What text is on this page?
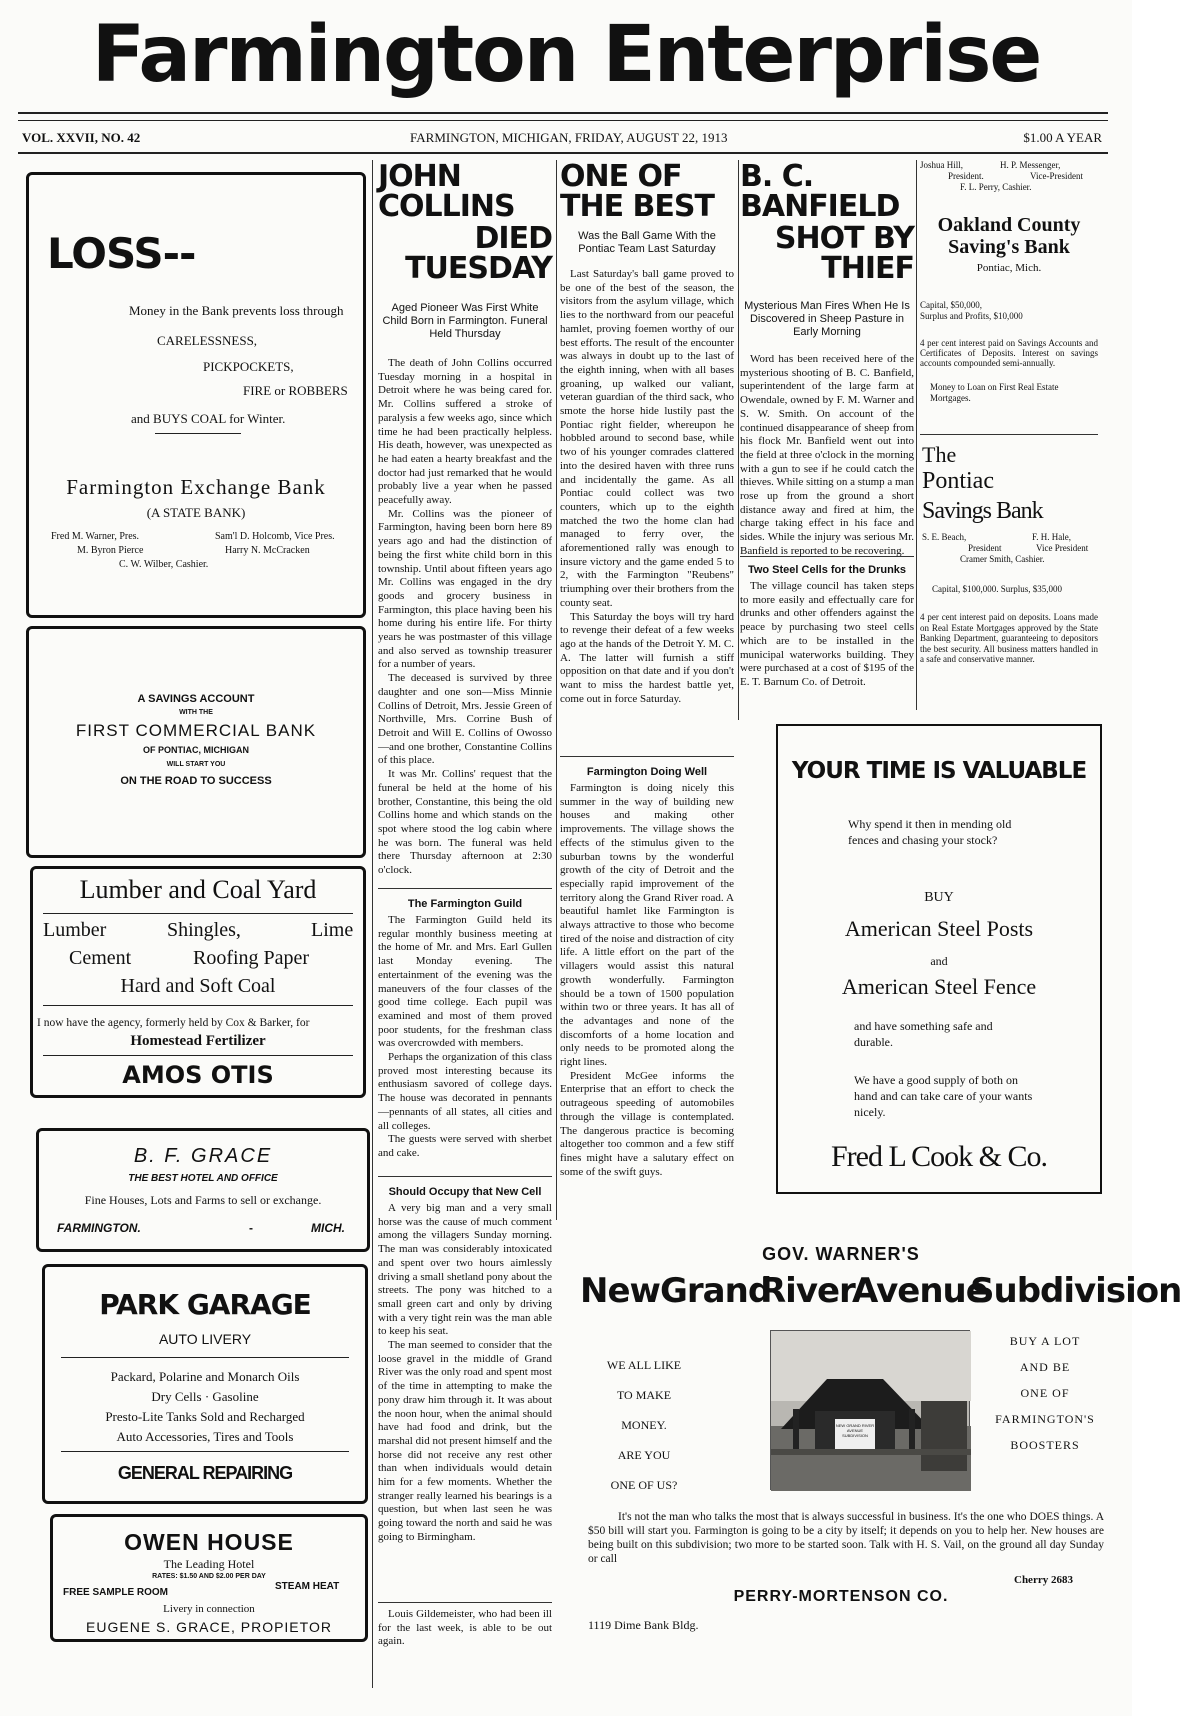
Farmington Enterprise
VOL. XXVII, NO. 42	FARMINGTON, MICHIGAN, FRIDAY, AUGUST 22, 1913	$1.00 A YEAR
LOSS--
Money in the Bank prevents loss through
CARELESSNESS,
PICKPOCKETS,
FIRE or ROBBERS
and BUYS COAL for Winter.
Farmington Exchange Bank
(A STATE BANK)
Fred M. Warner, Pres.	Sam'l D. Holcomb, Vice Pres.
M. Byron Pierce	Harry N. McCracken
C. W. Wilber, Cashier.
A SAVINGS ACCOUNT
WITH THE
FIRST COMMERCIAL BANK
OF PONTIAC, MICHIGAN
WILL START YOU
ON THE ROAD TO SUCCESS
Lumber and Coal Yard
Lumber	Shingles,	Lime
Cement	Roofing Paper
Hard and Soft Coal
I now have the agency, formerly held by Cox & Barker, for
Homestead Fertilizer
AMOS OTIS
B. F. GRACE
THE BEST HOTEL AND OFFICE
Fine Houses, Lots and Farms to sell or exchange.
FARMINGTON.	-	MICH.
PARK GARAGE
AUTO LIVERY
Packard, Polarine and Monarch Oils
Dry Cells · Gasoline
Presto-Lite Tanks Sold and Recharged
Auto Accessories, Tires and Tools
GENERAL REPAIRING
OWEN HOUSE
The Leading Hotel
RATES: $1.50 AND $2.00 PER DAY
FREE SAMPLE ROOM
STEAM HEAT
Livery in connection
EUGENE S. GRACE, PROPIETOR
JOHN COLLINS
DIED TUESDAY
Aged Pioneer Was First White Child Born in Farmington. Funeral Held Thursday

The death of John Collins occurred Tuesday morning in a hospital in Detroit where he was being cared for. Mr. Collins suffered a stroke of paralysis a few weeks ago, since which time he had been practically helpless. His death, however, was unexpected as he had eaten a hearty breakfast and the doctor had just remarked that he would probably live a year when he passed peacefully away.

Mr. Collins was the pioneer of Farmington, having been born here 89 years ago and had the distinction of being the first white child born in this township. Until about fifteen years ago Mr. Collins was engaged in the dry goods and grocery business in Farmington, this place having been his home during his entire life. For thirty years he was postmaster of this village and also served as township treasurer for a number of years.

The deceased is survived by three daughter and one son—Miss Minnie Collins of Detroit, Mrs. Jessie Green of Northville, Mrs. Corrine Bush of Detroit and Will E. Collins of Owosso—and one brother, Constantine Collins of this place.

It was Mr. Collins' request that the funeral be held at the home of his brother, Constantine, this being the old Collins home and which stands on the spot where stood the log cabin where he was born. The funeral was held there Thursday afternoon at 2:30 o'clock.

The Farmington Guild

The Farmington Guild held its regular monthly business meeting at the home of Mr. and Mrs. Earl Gullen last Monday evening. The entertainment of the evening was the maneuvers of the four classes of the good time college. Each pupil was examined and most of them proved poor students, for the freshman class was overcrowded with members.

Perhaps the organization of this class proved most interesting because its enthusiasm savored of college days. The house was decorated in pennants—pennants of all states, all cities and all colleges.

The guests were served with sherbet and cake.

Should Occupy that New Cell

A very big man and a very small horse was the cause of much comment among the villagers Sunday morning. The man was considerably intoxicated and spent over two hours aimlessly driving a small shetland pony about the streets. The pony was hitched to a small green cart and only by driving with a very tight rein was the man able to keep his seat.

The man seemed to consider that the loose gravel in the middle of Grand River was the only road and spent most of the time in attempting to make the pony draw him through it. It was about the noon hour, when the animal should have had food and drink, but the marshal did not present himself and the horse did not receive any rest other than when individuals would detain him for a few moments. Whether the stranger really learned his bearings is a question, but when last seen he was going toward the north and said he was going to Birmingham.

Louis Gildemeister, who had been ill for the last week, is able to be out again.

ONE OF THE BEST
Was the Ball Game With the Pontiac Team Last Saturday

Last Saturday's ball game proved to be one of the best of the season, the visitors from the asylum village, which lies to the northward from our peaceful hamlet, proving foemen worthy of our best efforts. The result of the encounter was always in doubt up to the last of the eighth inning, when with all bases groaning, up walked our valiant, veteran guardian of the third sack, who smote the horse hide lustily past the Pontiac right fielder, whereupon he hobbled around to second base, while two of his younger comrades clattered into the desired haven with three runs and incidentally the game. As all Pontiac could collect was two counters, which up to the eighth matched the two the home clan had managed to ferry over, the aforementioned rally was enough to insure victory and the game ended 5 to 2, with the Farmington "Reubens" triumphing over their brothers from the county seat.

This Saturday the boys will try hard to revenge their defeat of a few weeks ago at the hands of the Detroit Y. M. C. A. The latter will furnish a stiff opposition on that date and if you don't want to miss the hardest battle yet, come out in force Saturday.

Farmington Doing Well

Farmington is doing nicely this summer in the way of building new houses and making other improvements. The village shows the effects of the stimulus given to the suburban towns by the wonderful growth of the city of Detroit and the especially rapid improvement of the territory along the Grand River road. A beautiful hamlet like Farmington is always attractive to those who become tired of the noise and distraction of city life. A little effort on the part of the villagers would assist this natural growth wonderfully. Farmington should be a town of 1500 population within two or three years. It has all of the advantages and none of the discomforts of a home location and only needs to be promoted along the right lines.

President McGee informs the Enterprise that an effort to check the outrageous speeding of automobiles through the village is contemplated. The dangerous practice is becoming altogether too common and a few stiff fines might have a salutary effect on some of the swift guys.

B. C. BANFIELD
SHOT BY THIEF
Mysterious Man Fires When He Is Discovered in Sheep Pasture in Early Morning

Word has been received here of the mysterious shooting of B. C. Banfield, superintendent of the large farm at Owendale, owned by F. M. Warner and S. W. Smith. On account of the continued disappearance of sheep from his flock Mr. Banfield went out into the field at three o'clock in the morning with a gun to see if he could catch the thieves. While sitting on a stump a man rose up from the ground a short distance away and fired at him, the charge taking effect in his face and sides. While the injury was serious Mr. Banfield is reported to be recovering.

Two Steel Cells for the Drunks

The village council has taken steps to more easily and effectually care for drunks and other offenders against the peace by purchasing two steel cells which are to be installed in the municipal waterworks building. They were purchased at a cost of $195 of the E. T. Barnum Co. of Detroit.

Joshua Hill,	H. P. Messenger,
President.	Vice-President
F. L. Perry, Cashier.
Oakland County
Saving's Bank
Pontiac, Mich.
Capital, $50,000,
Surplus and Profits, $10,000
4 per cent interest paid on Savings Accounts and Certificates of Deposits. Interest on savings accounts compounded semi-annually.
Money to Loan on First Real Estate Mortgages.
The
Pontiac
Savings Bank
S. E. Beach,	F. H. Hale,
President	Vice President
Cramer Smith, Cashier.
Capital, $100,000. Surplus, $35,000
4 per cent interest paid on deposits. Loans made on Real Estate Mortgages approved by the State Banking Department, guaranteeing to depositors the best security. All business matters handled in a safe and conservative manner.
YOUR TIME IS VALUABLE
Why spend it then in mending old fences and chasing your stock?
BUY
American Steel Posts
and
American Steel Fence
and have something safe and durable.
We have a good supply of both on hand and can take care of your wants nicely.
Fred L Cook & Co.
GOV. WARNER'S
New Grand
River
Avenue
Subdivision
WE ALL LIKE
TO MAKE
MONEY.
ARE YOU
ONE OF US?
NEW GRAND RIVER AVENUE SUBDIVISION
BUY A LOT
AND BE
ONE OF
FARMINGTON'S
BOOSTERS
It's not the man who talks the most that is always successful in business. It's the one who DOES things. A $50 bill will start you. Farmington is going to be a city by itself; it depends on you to help her. New houses are being built on this subdivision; two more to be started soon. Talk with H. S. Vail, on the ground all day Sunday or call
PERRY-MORTENSON CO.
1119 Dime Bank Bldg.
Cherry 2683
